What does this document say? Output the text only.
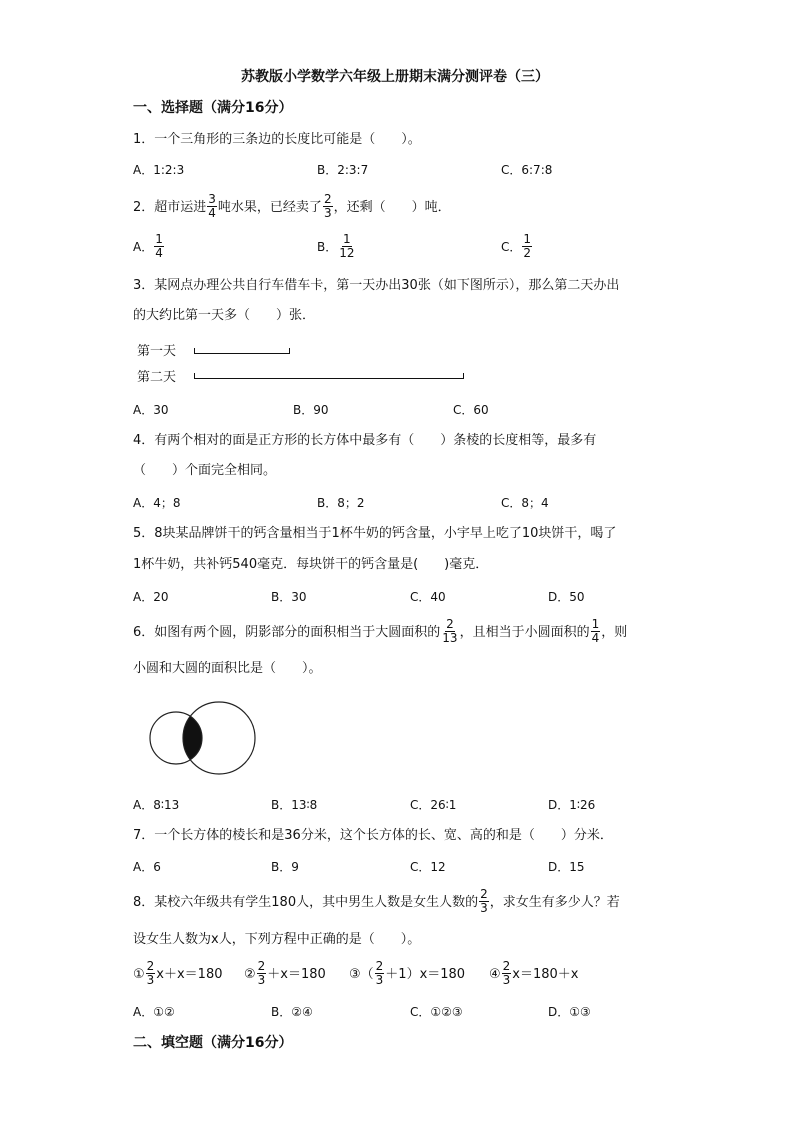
苏教版小学数学六年级上册期末满分测评卷（三）
一、选择题（满分16分）
1．一个三角形的三条边的长度比可能是（　　）。
A．1:2:3	B．2:3:7	C．6:7:8
2．超市运进 $\frac{3}{4}$ 吨水果，已经卖了 $\frac{2}{3}$ ，还剩（　　）吨．
A． $\frac{1}{4}$	B． $\frac{1}{12}$	C． $\frac{1}{2}$
3．某网点办理公共自行车借车卡，第一天办出30张（如下图所示），那么第二天办出
的大约比第一天多（　　）张．
第一天
第二天
A．30	B．90	C．60
4．有两个相对的面是正方形的长方体中最多有（　　）条棱的长度相等，最多有
（　　）个面完全相同。
A．4；8	B．8；2	C．8；4
5．8块某品牌饼干的钙含量相当于1杯牛奶的钙含量，小宇早上吃了10块饼干，喝了
1杯牛奶，共补钙540毫克．每块饼干的钙含量是(　　)毫克．
A．20	B．30	C．40	D．50
6．如图有两个圆，阴影部分的面积相当于大圆面积的 $\frac{2}{13}$ ，且相当于小圆面积的 $\frac{1}{4}$ ，则
小圆和大圆的面积比是（　　）。
A．8∶13	B．13∶8	C．26∶1	D．1∶26
7．一个长方体的棱长和是36分米，这个长方体的长、宽、高的和是（　　）分米．
A．6	B．9	C．12	D．15
8．某校六年级共有学生180人，其中男生人数是女生人数的 $\frac{2}{3}$ ，求女生有多少人？若
设女生人数为x人，下列方程中正确的是（　　）。
① $\frac{2}{3} x+x=180$ ② $\frac{2}{3} +x=180$ ③（ $\frac{2}{3} +1)x=180$ ④ $\frac{2}{3} x=180+x$
A．①②	B．②④	C．①②③	D．①③
二、填空题（满分16分）
